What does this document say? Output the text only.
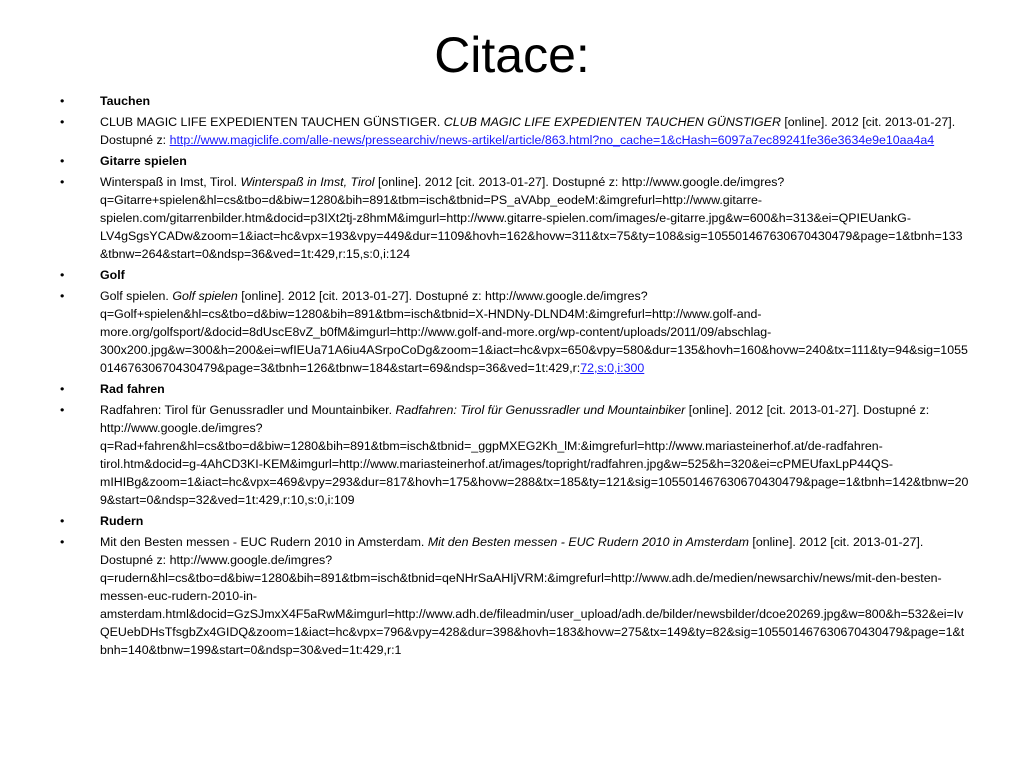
Citace:
•	Tauchen
•	CLUB MAGIC LIFE EXPEDIENTEN TAUCHEN GÜNSTIGER. CLUB MAGIC LIFE EXPEDIENTEN TAUCHEN GÜNSTIGER [online]. 2012 [cit. 2013-01-27]. Dostupné z: http://www.magiclife.com/alle-news/pressearchiv/news-artikel/article/863.html?no_cache=1&cHash=6097a7ec89241fe36e3634e9e10aa4a4
•	Gitarre spielen
•	Winterspaß in Imst, Tirol. Winterspaß in Imst, Tirol [online]. 2012 [cit. 2013-01-27]. Dostupné z: http://www.google.de/imgres?q=Gitarre+spielen&hl=cs&tbo=d&biw=1280&bih=891&tbm=isch&tbnid=PS_aVAbp_eodeM:&imgrefurl=http://www.gitarre-spielen.com/gitarrenbilder.htm&docid=p3IXt2tj-z8hmM&imgurl=http://www.gitarre-spielen.com/images/e-gitarre.jpg&w=600&h=313&ei=QPIEUankG-LV4gSgsYCADw&zoom=1&iact=hc&vpx=193&vpy=449&dur=1109&hovh=162&hovw=311&tx=75&ty=108&sig=105501467630670430479&page=1&tbnh=133&tbnw=264&start=0&ndsp=36&ved=1t:429,r:15,s:0,i:124
•	Golf
•	Golf spielen. Golf spielen [online]. 2012 [cit. 2013-01-27]. Dostupné z: http://www.google.de/imgres?q=Golf+spielen&hl=cs&tbo=d&biw=1280&bih=891&tbm=isch&tbnid=X-HNDNy-DLND4M:&imgrefurl=http://www.golf-and-more.org/golfsport/&docid=8dUscE8vZ_b0fM&imgurl=http://www.golf-and-more.org/wp-content/uploads/2011/09/abschlag-300x200.jpg&w=300&h=200&ei=wfIEUa71A6iu4ASrpoCoDg&zoom=1&iact=hc&vpx=650&vpy=580&dur=135&hovh=160&hovw=240&tx=111&ty=94&sig=105501467630670430479&page=3&tbnh=126&tbnw=184&start=69&ndsp=36&ved=1t:429,r:72,s:0,i:300
•	Rad fahren
•	Radfahren: Tirol für Genussradler und Mountainbiker. Radfahren: Tirol für Genussradler und Mountainbiker [online]. 2012 [cit. 2013-01-27]. Dostupné z: http://www.google.de/imgres?q=Rad+fahren&hl=cs&tbo=d&biw=1280&bih=891&tbm=isch&tbnid=_ggpMXEG2Kh_lM:&imgrefurl=http://www.mariasteinerhof.at/de-radfahren-tirol.htm&docid=g-4AhCD3KI-KEM&imgurl=http://www.mariasteinerhof.at/images/topright/radfahren.jpg&w=525&h=320&ei=cPMEUfaxLpP44QS-mIHIBg&zoom=1&iact=hc&vpx=469&vpy=293&dur=817&hovh=175&hovw=288&tx=185&ty=121&sig=105501467630670430479&page=1&tbnh=142&tbnw=209&start=0&ndsp=32&ved=1t:429,r:10,s:0,i:109
•	Rudern
•	Mit den Besten messen - EUC Rudern 2010 in Amsterdam. Mit den Besten messen - EUC Rudern 2010 in Amsterdam [online]. 2012 [cit. 2013-01-27]. Dostupné z: http://www.google.de/imgres?q=rudern&hl=cs&tbo=d&biw=1280&bih=891&tbm=isch&tbnid=qeNHrSaAHIjVRM:&imgrefurl=http://www.adh.de/medien/newsarchiv/news/mit-den-besten-messen-euc-rudern-2010-in-amsterdam.html&docid=GzSJmxX4F5aRwM&imgurl=http://www.adh.de/fileadmin/user_upload/adh.de/bilder/newsbilder/dcoe20269.jpg&w=800&h=532&ei=IvQEUebDHsTfsgbZx4GIDQ&zoom=1&iact=hc&vpx=796&vpy=428&dur=398&hovh=183&hovw=275&tx=149&ty=82&sig=105501467630670430479&page=1&tbnh=140&tbnw=199&start=0&ndsp=30&ved=1t:429,r:1
